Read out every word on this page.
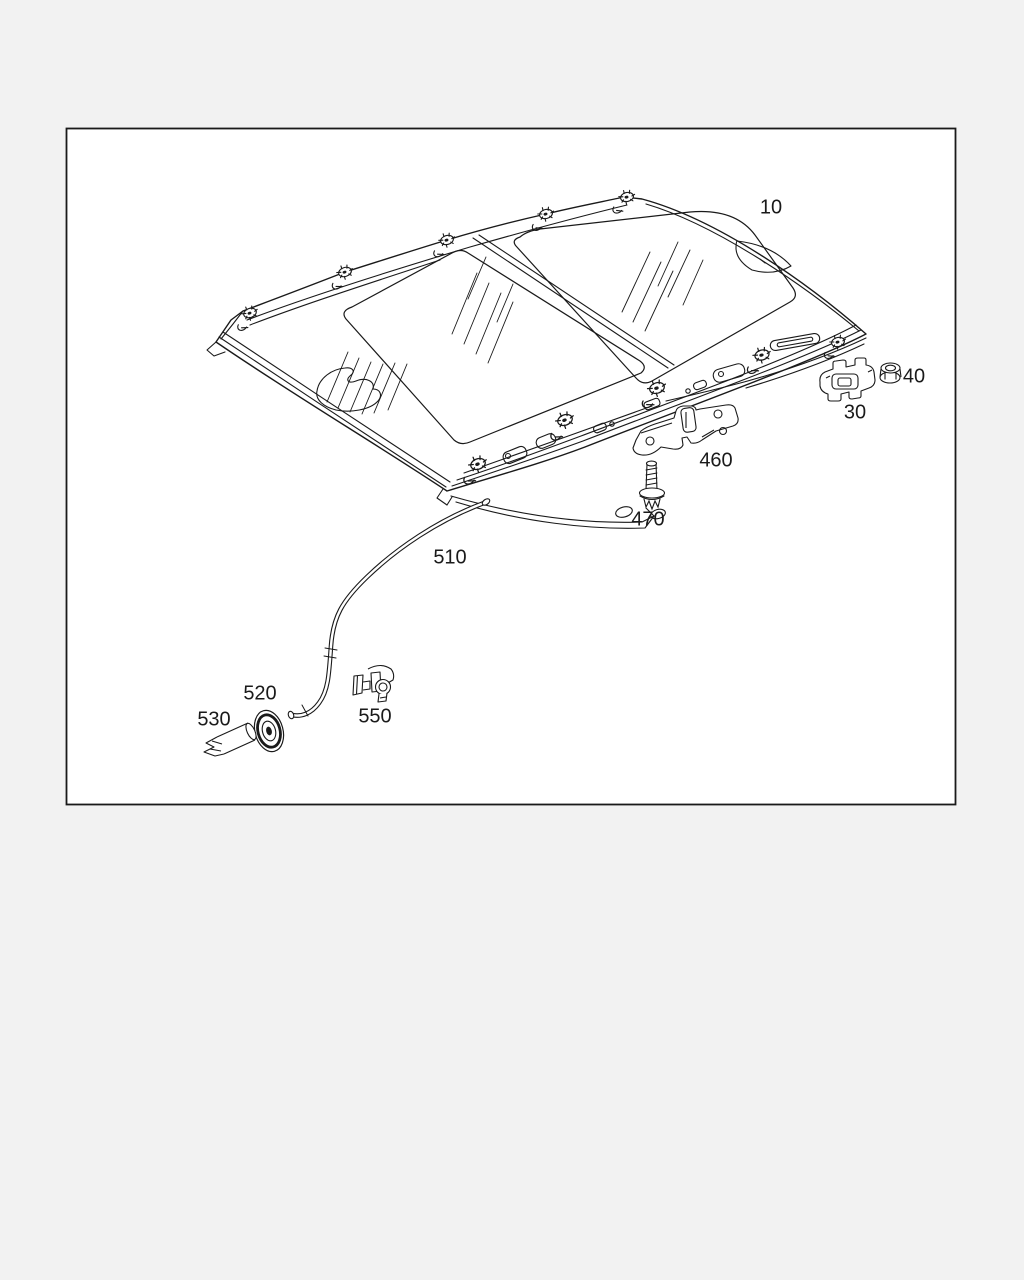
10
30
40
460
470
510
520
530	550
